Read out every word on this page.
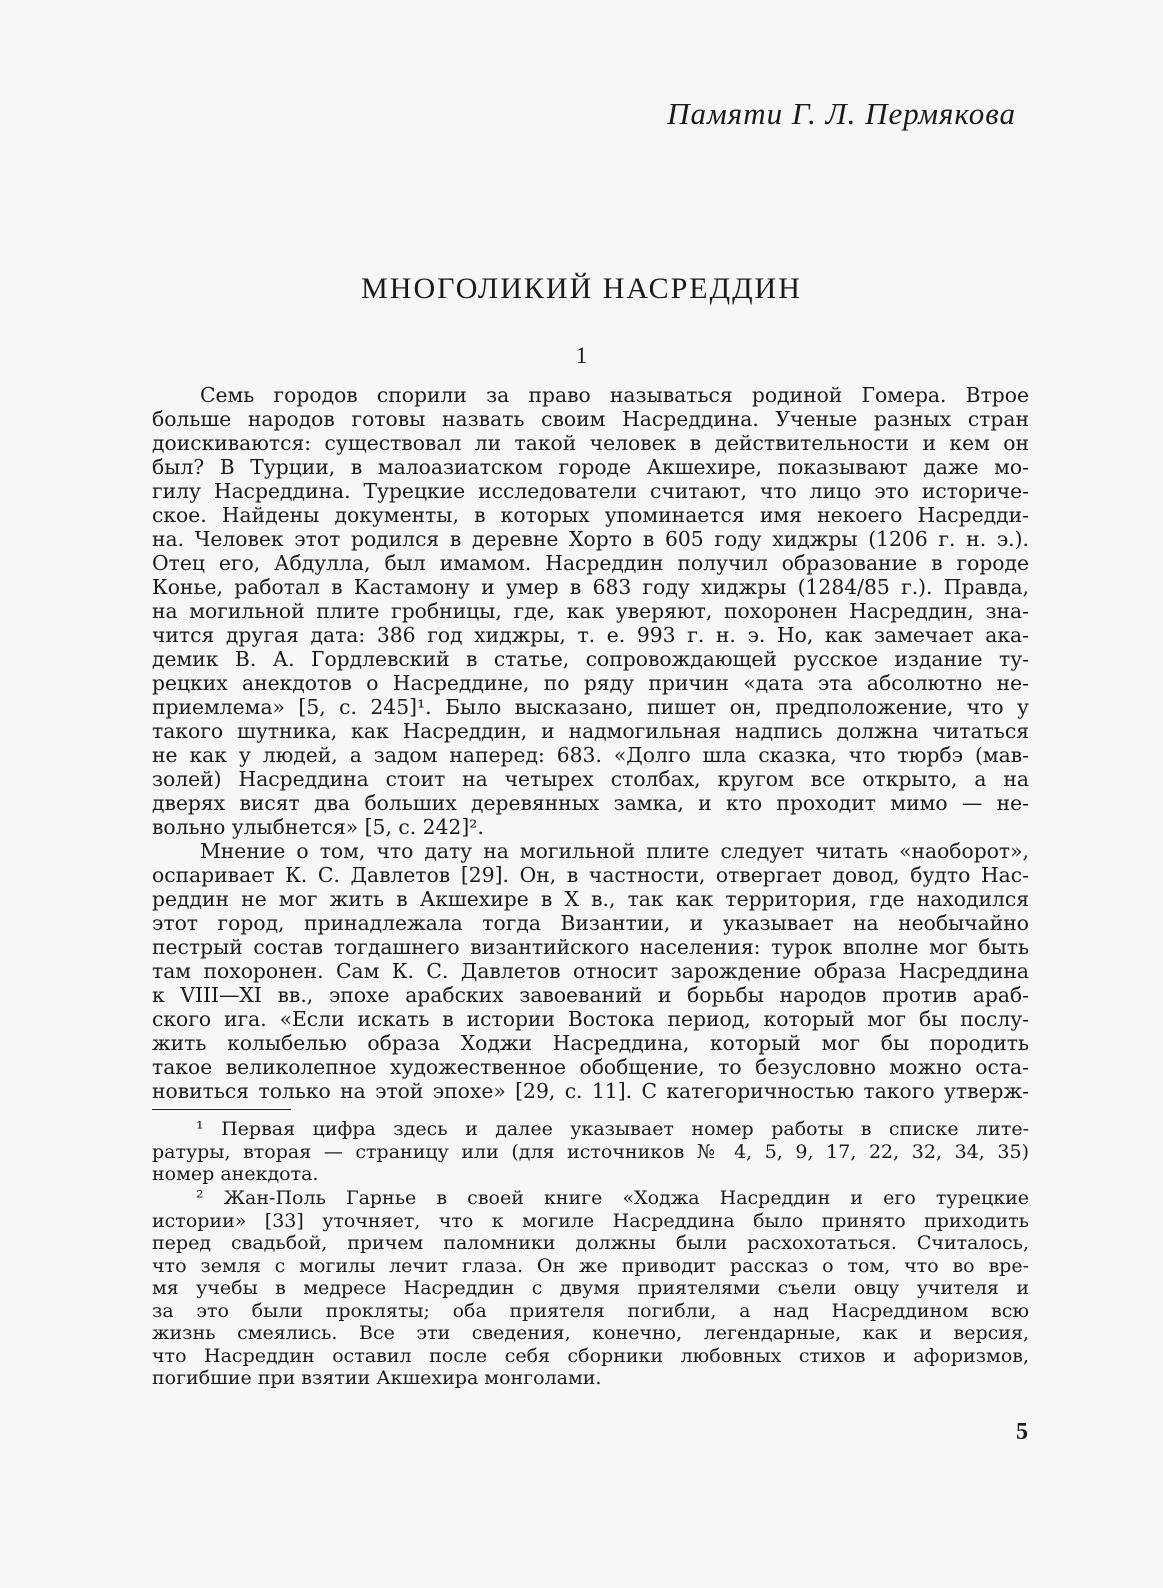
Памяти Г. Л. Пермякова
МНОГОЛИКИЙ НАСРЕДДИН
1
Семь городов спорили за право называться родиной Гомера. Втрое
больше народов готовы назвать своим Насреддина. Ученые разных стран
доискиваются: существовал ли такой человек в действительности и кем он
был? В Турции, в малоазиатском городе Акшехире, показывают даже мо-
гилу Насреддина. Турецкие исследователи считают, что лицо это историче-
ское. Найдены документы, в которых упоминается имя некоего Насредди-
на. Человек этот родился в деревне Хорто в 605 году хиджры (1206 г. н. э.).
Отец его, Абдулла, был имамом. Насреддин получил образование в городе
Конье, работал в Кастамону и умер в 683 году хиджры (1284/85 г.). Правда,
на могильной плите гробницы, где, как уверяют, похоронен Насреддин, зна-
чится другая дата: 386 год хиджры, т. е. 993 г. н. э. Но, как замечает ака-
демик В. А. Гордлевский в статье, сопровождающей русское издание ту-
рецких анекдотов о Насреддине, по ряду причин «дата эта абсолютно не-
приемлема» [5, с. 245]¹. Было высказано, пишет он, предположение, что у
такого шутника, как Насреддин, и надмогильная надпись должна читаться
не как у людей, а задом наперед: 683. «Долго шла сказка, что тюрбэ (мав-
золей) Насреддина стоит на четырех столбах, кругом все открыто, а на
дверях висят два больших деревянных замка, и кто проходит мимо — не-
вольно улыбнется» [5, с. 242]².
Мнение о том, что дату на могильной плите следует читать «наоборот»,
оспаривает К. С. Давлетов [29]. Он, в частности, отвергает довод, будто Нас-
реддин не мог жить в Акшехире в X в., так как территория, где находился
этот город, принадлежала тогда Византии, и указывает на необычайно
пестрый состав тогдашнего византийского населения: турок вполне мог быть
там похоронен. Сам К. С. Давлетов относит зарождение образа Насреддина
к VIII—XI вв., эпохе арабских завоеваний и борьбы народов против араб-
ского ига. «Если искать в истории Востока период, который мог бы послу-
жить колыбелью образа Ходжи Насреддина, который мог бы породить
такое великолепное художественное обобщение, то безусловно можно оста-
новиться только на этой эпохе» [29, с. 11]. С категоричностью такого утверж-
¹ Первая цифра здесь и далее указывает номер работы в списке лите-
ратуры, вторая — страницу или (для источников № 4, 5, 9, 17, 22, 32, 34, 35)
номер анекдота.
² Жан-Поль Гарнье в своей книге «Ходжа Насреддин и его турецкие
истории» [33] уточняет, что к могиле Насреддина было принято приходить
перед свадьбой, причем паломники должны были расхохотаться. Считалось,
что земля с могилы лечит глаза. Он же приводит рассказ о том, что во вре-
мя учебы в медресе Насреддин с двумя приятелями съели овцу учителя и
за это были прокляты; оба приятеля погибли, а над Насреддином всю
жизнь смеялись. Все эти сведения, конечно, легендарные, как и версия,
что Насреддин оставил после себя сборники любовных стихов и афоризмов,
погибшие при взятии Акшехира монголами.
5
